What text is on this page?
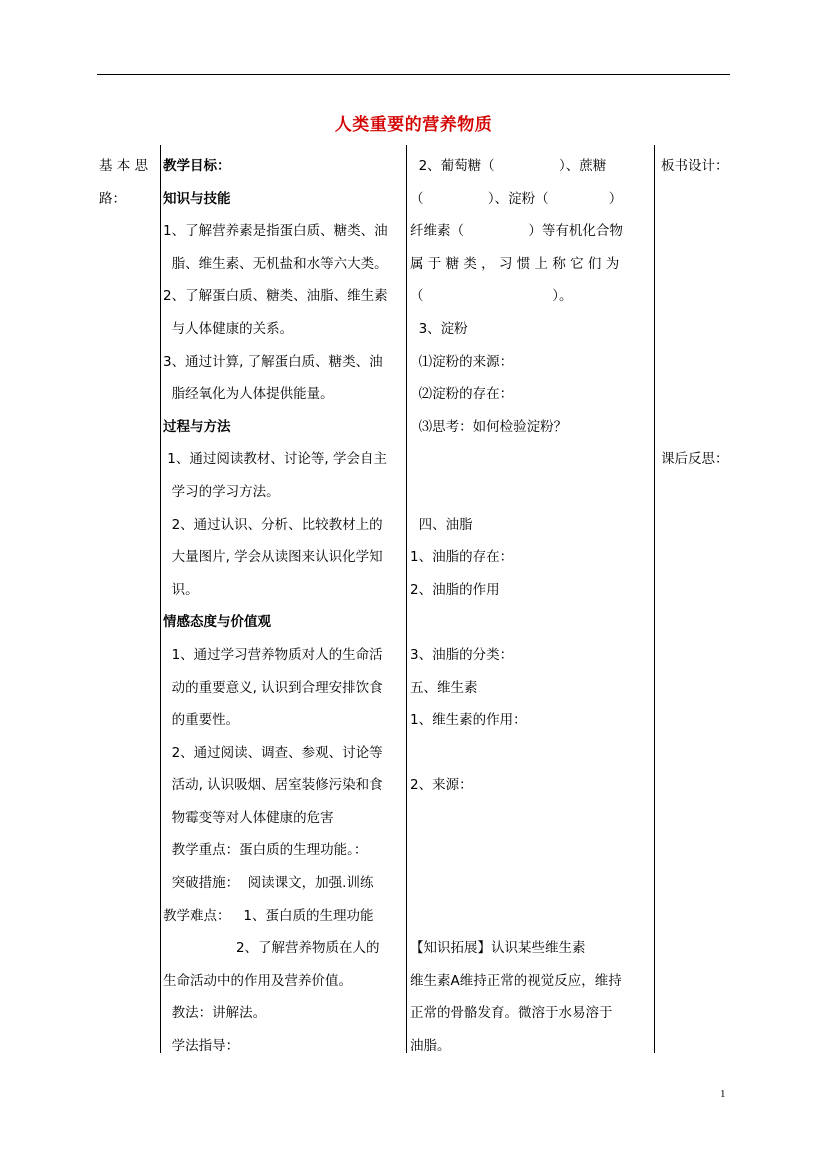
人类重要的营养物质
基 本 思
路：
教学目标：
知识与技能
1、了解营养素是指蛋白质、糖类、油
脂、维生素、无机盐和水等六大类。
2、了解蛋白质、糖类、油脂、维生素
与人体健康的关系。
3、通过计算, 了解蛋白质、糖类、油
脂经氧化为人体提供能量。
过程与方法
1、通过阅读教材、讨论等, 学会自主
学习的学习方法。
2、通过认识、分析、比较教材上的
大量图片, 学会从读图来认识化学知
识。
情感态度与价值观
1、通过学习营养物质对人的生命活
动的重要意义, 认识到合理安排饮食
的重要性。
2、通过阅读、调查、参观、讨论等
活动, 认识吸烟、居室装修污染和食
物霉变等对人体健康的危害
教学重点：蛋白质的生理功能。：
突破措施：  阅读课文，加强.训练
教学难点：   1、蛋白质的生理功能
2、了解营养物质在人的
生命活动中的作用及营养价值。
教法：讲解法。
学法指导：
2、葡萄糖（               ）、蔗糖
（               ）、淀粉（              ）
纤维素（               ）等有机化合物
属 于 糖 类 ， 习 惯 上 称 它 们 为
（                              ）。
3、淀粉
⑴淀粉的来源：
⑵淀粉的存在：
⑶思考：如何检验淀粉？
四、油脂
1、油脂的存在：
2、油脂的作用
3、油脂的分类：
五、维生素
1、维生素的作用：
2、来源：
【知识拓展】认识某些维生素
维生素A维持正常的视觉反应，维持
正常的骨骼发育。微溶于水易溶于
油脂。
板书设计：
课后反思：
1
